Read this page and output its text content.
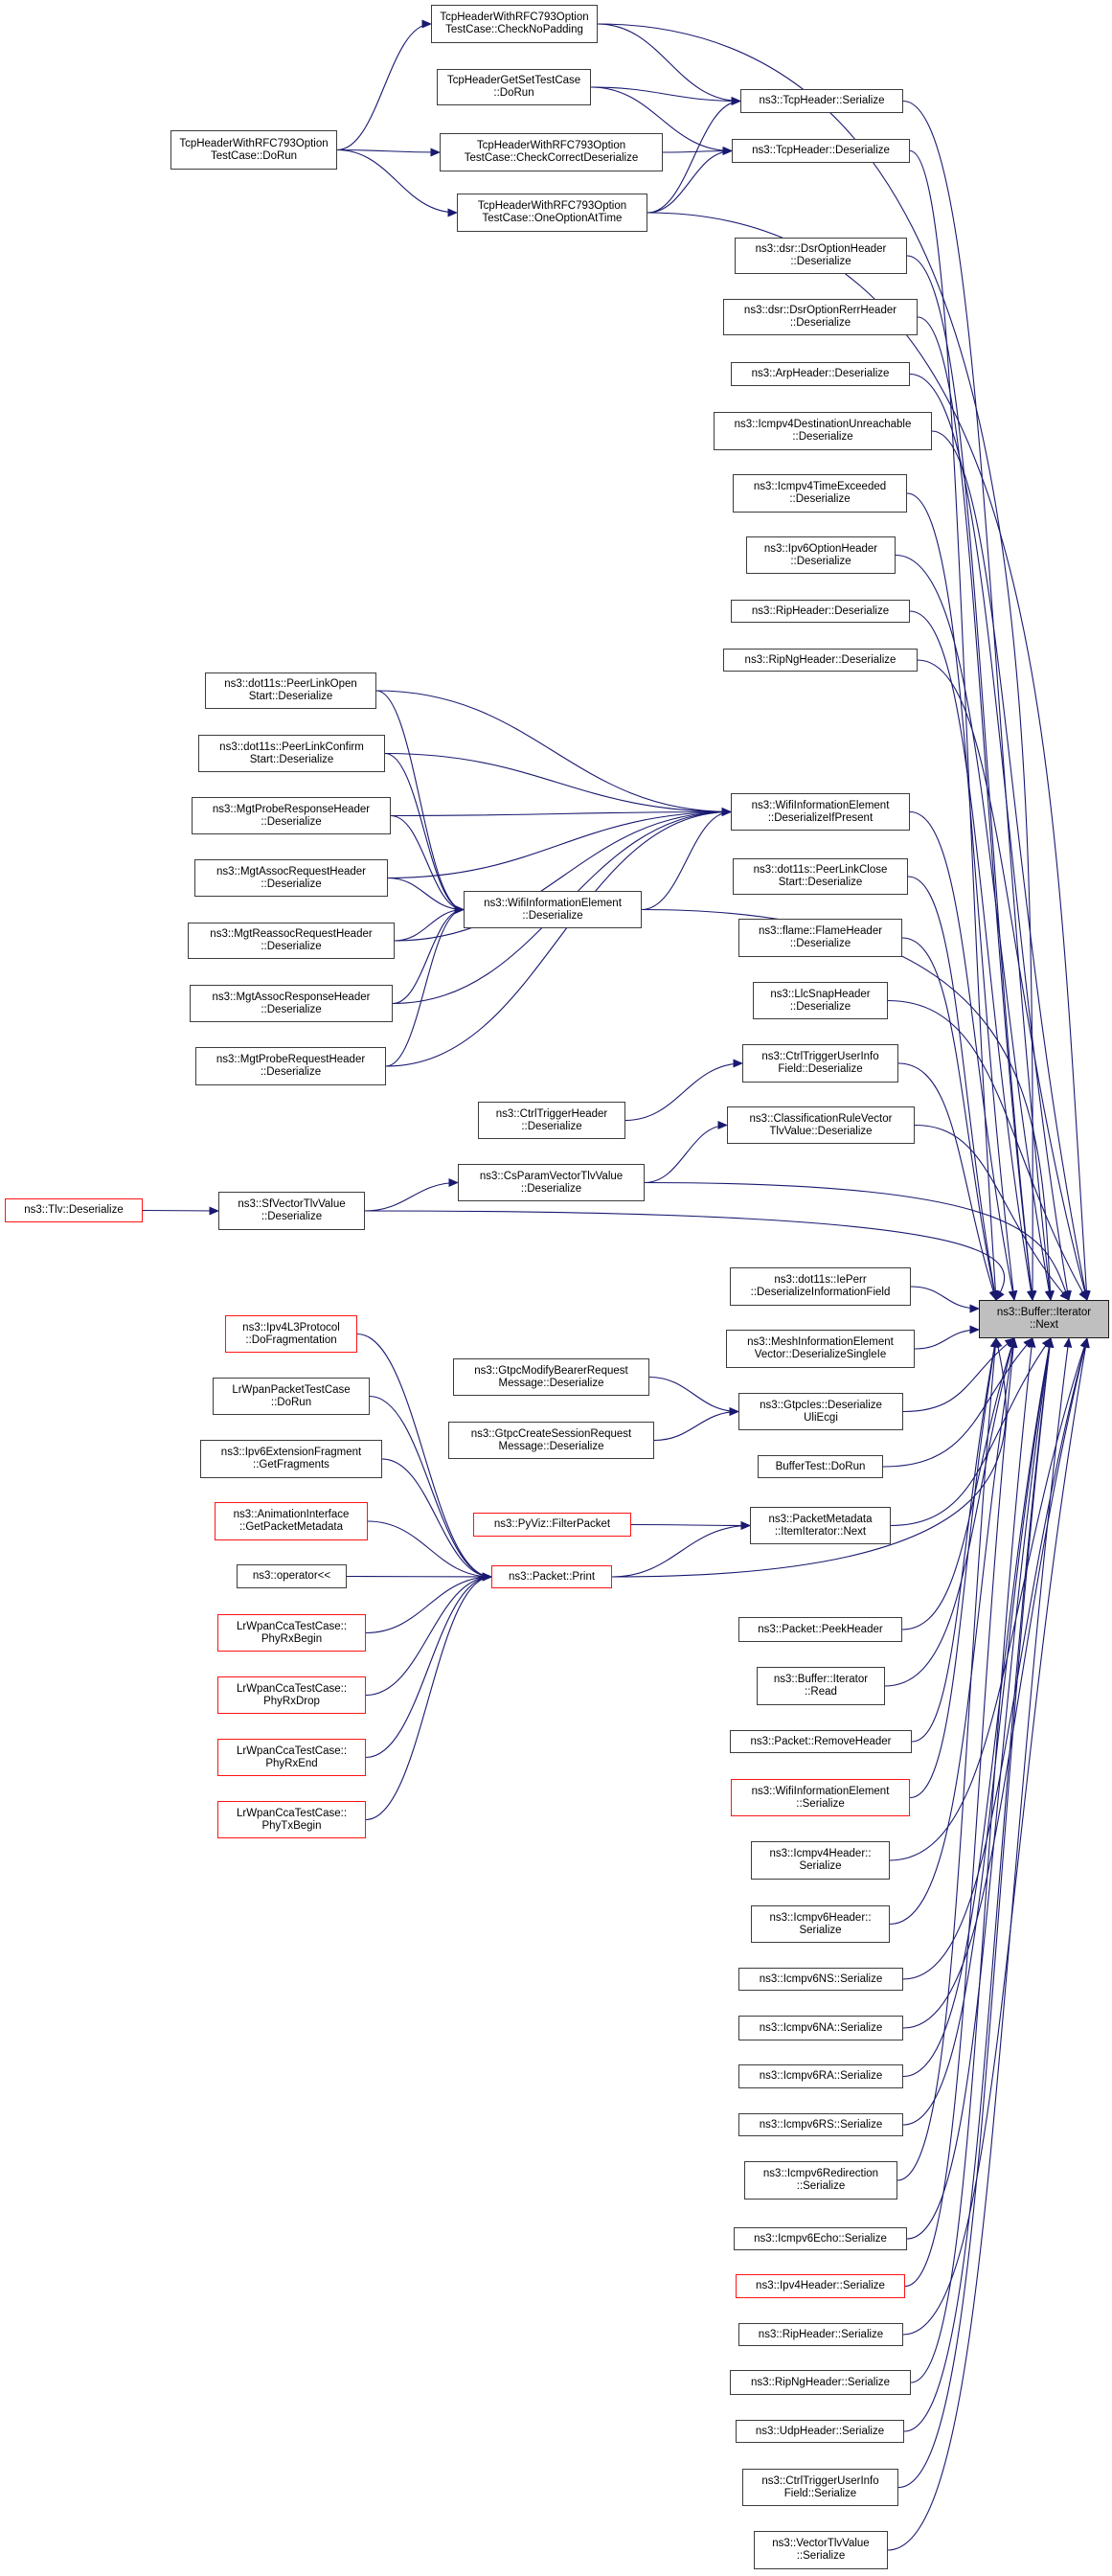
TcpHeaderWithRFC793Option
TestCase::DoRun
TcpHeaderWithRFC793Option
TestCase::CheckNoPadding
TcpHeaderGetSetTestCase
::DoRun
TcpHeaderWithRFC793Option
TestCase::CheckCorrectDeserialize
TcpHeaderWithRFC793Option
TestCase::OneOptionAtTime
ns3::TcpHeader::Serialize
ns3::TcpHeader::Deserialize
ns3::dsr::DsrOptionHeader
::Deserialize
ns3::dsr::DsrOptionRerrHeader
::Deserialize
ns3::ArpHeader::Deserialize
ns3::Icmpv4DestinationUnreachable
::Deserialize
ns3::Icmpv4TimeExceeded
::Deserialize
ns3::Ipv6OptionHeader
::Deserialize
ns3::RipHeader::Deserialize
ns3::RipNgHeader::Deserialize
ns3::dot11s::PeerLinkOpen
Start::Deserialize
ns3::dot11s::PeerLinkConfirm
Start::Deserialize
ns3::MgtProbeResponseHeader
::Deserialize
ns3::MgtAssocRequestHeader
::Deserialize
ns3::MgtReassocRequestHeader
::Deserialize
ns3::MgtAssocResponseHeader
::Deserialize
ns3::MgtProbeRequestHeader
::Deserialize
ns3::WifiInformationElement
::Deserialize
ns3::WifiInformationElement
::DeserializeIfPresent
ns3::dot11s::PeerLinkClose
Start::Deserialize
ns3::flame::FlameHeader
::Deserialize
ns3::LlcSnapHeader
::Deserialize
ns3::CtrlTriggerUserInfo
Field::Deserialize
ns3::ClassificationRuleVector
TlvValue::Deserialize
ns3::CtrlTriggerHeader
::Deserialize
ns3::CsParamVectorTlvValue
::Deserialize
ns3::SfVectorTlvValue
::Deserialize
ns3::Tlv::Deserialize
ns3::Buffer::Iterator
::Next
ns3::dot11s::IePerr
::DeserializeInformationField
ns3::MeshInformationElement
Vector::DeserializeSingleIe
ns3::GtpcIes::Deserialize
UliEcgi
BufferTest::DoRun
ns3::PacketMetadata
::ItemIterator::Next
ns3::Ipv4L3Protocol
::DoFragmentation
LrWpanPacketTestCase
::DoRun
ns3::Ipv6ExtensionFragment
::GetFragments
ns3::AnimationInterface
::GetPacketMetadata
ns3::operator<<
LrWpanCcaTestCase::
PhyRxBegin
LrWpanCcaTestCase::
PhyRxDrop
LrWpanCcaTestCase::
PhyRxEnd
LrWpanCcaTestCase::
PhyTxBegin
ns3::GtpcModifyBearerRequest
Message::Deserialize
ns3::GtpcCreateSessionRequest
Message::Deserialize
ns3::PyViz::FilterPacket
ns3::Packet::Print
ns3::Packet::PeekHeader
ns3::Buffer::Iterator
::Read
ns3::Packet::RemoveHeader
ns3::WifiInformationElement
::Serialize
ns3::Icmpv4Header::
Serialize
ns3::Icmpv6Header::
Serialize
ns3::Icmpv6NS::Serialize
ns3::Icmpv6NA::Serialize
ns3::Icmpv6RA::Serialize
ns3::Icmpv6RS::Serialize
ns3::Icmpv6Redirection
::Serialize
ns3::Icmpv6Echo::Serialize
ns3::Ipv4Header::Serialize
ns3::RipHeader::Serialize
ns3::RipNgHeader::Serialize
ns3::UdpHeader::Serialize
ns3::CtrlTriggerUserInfo
Field::Serialize
ns3::VectorTlvValue
::Serialize
